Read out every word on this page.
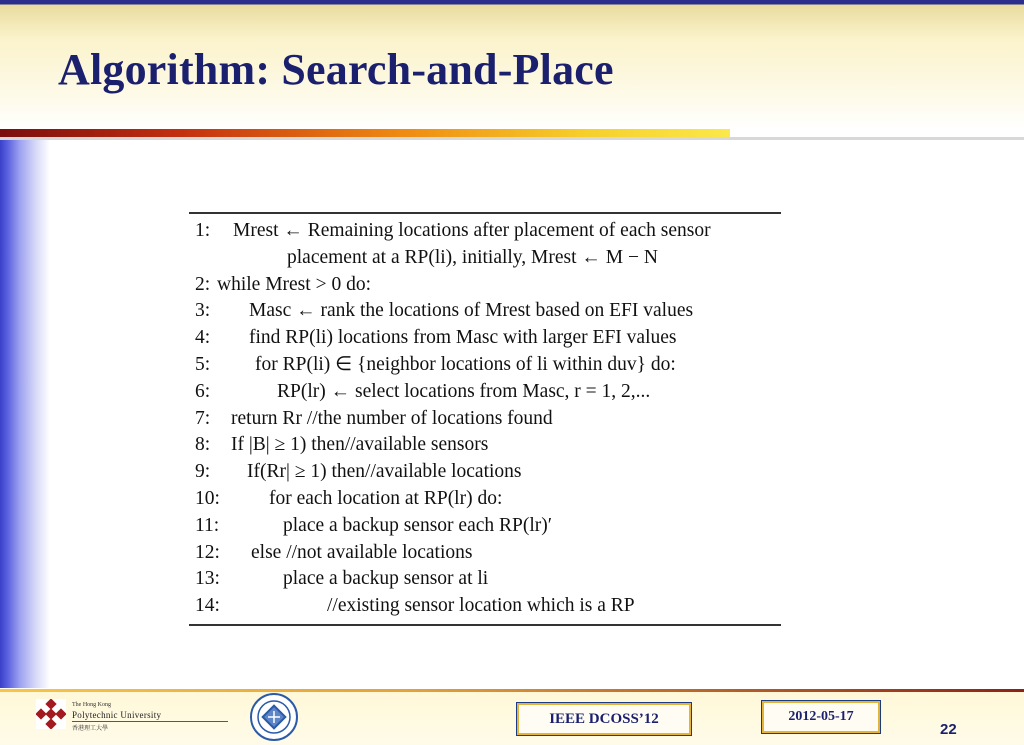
Algorithm: Search-and-Place
1: Mrest ← Remaining locations after placement of each sensor
placement at a RP(li), initially, Mrest ← M − N
2: while Mrest > 0 do:
3: Masc ← rank the locations of Mrest based on EFI values
4: find RP(li) locations from Masc with larger EFI values
5: for RP(li) ∈ {neighbor locations of li within duv} do:
6:	RP(lr) ← select locations from Masc, r = 1, 2,...
7: return Rr //the number of locations found
8: If |B| ≥ 1) then//available sensors
9: If(Rr| ≥ 1) then//available locations
10:	for each location at RP(lr) do:
11:	place a backup sensor each RP(lr)′
12: else //not available locations
13:	place a backup sensor at li
14:	//existing sensor location which is a RP
The Hong Kong
Polytechnic University
香港理工大學
IEEE DCOSS’12	2012-05-17
22
